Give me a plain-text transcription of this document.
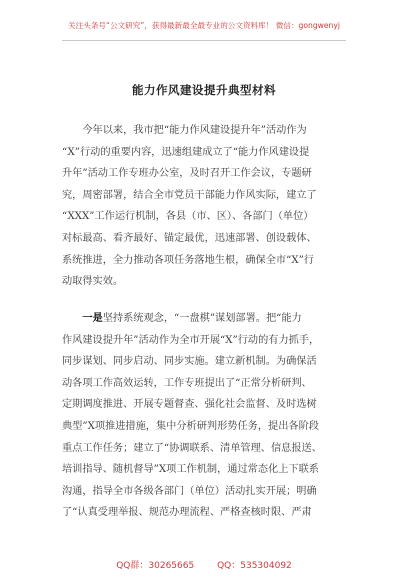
关注头条号“公文研究”，获得最新最全最专业的公文资料库！ 微信：gongwenyj
能力作风建设提升典型材料
　　今年以来，我市把“能力作风建设提升年”活动作为
“X”行动的重要内容，迅速组建成立了“能力作风建设提
升年”活动工作专班办公室，及时召开工作会议，专题研
究，周密部署，结合全市党员干部能力作风实际，建立了
“XXX”工作运行机制，各县（市、区）、各部门（单位）
对标最高、看齐最好、锚定最优，迅速部署、创设载体、
系统推进，全力推动各项任务落地生根，确保全市“X”行
动取得实效。
　　一是坚持系统观念，“一盘棋”谋划部署。把“能力
作风建设提升年”活动作为全市开展“X”行动的有力抓手，
同步谋划、同步启动、同步实施。建立新机制。为确保活
动各项工作高效运转，工作专班提出了“正常分析研判、
定期调度推进、开展专题督查、强化社会监督、及时选树
典型”X项推进措施，集中分析研判形势任务，提出各阶段
重点工作任务；建立了“协调联系、清单管理、信息报送、
培训指导、随机督导”X项工作机制，通过常态化上下联系
沟通，指导全市各级各部门（单位）活动扎实开展；明确
了“认真受理举报、规范办理流程、严格查核时限、严肃
QQ群：30265665	QQ：535304092
